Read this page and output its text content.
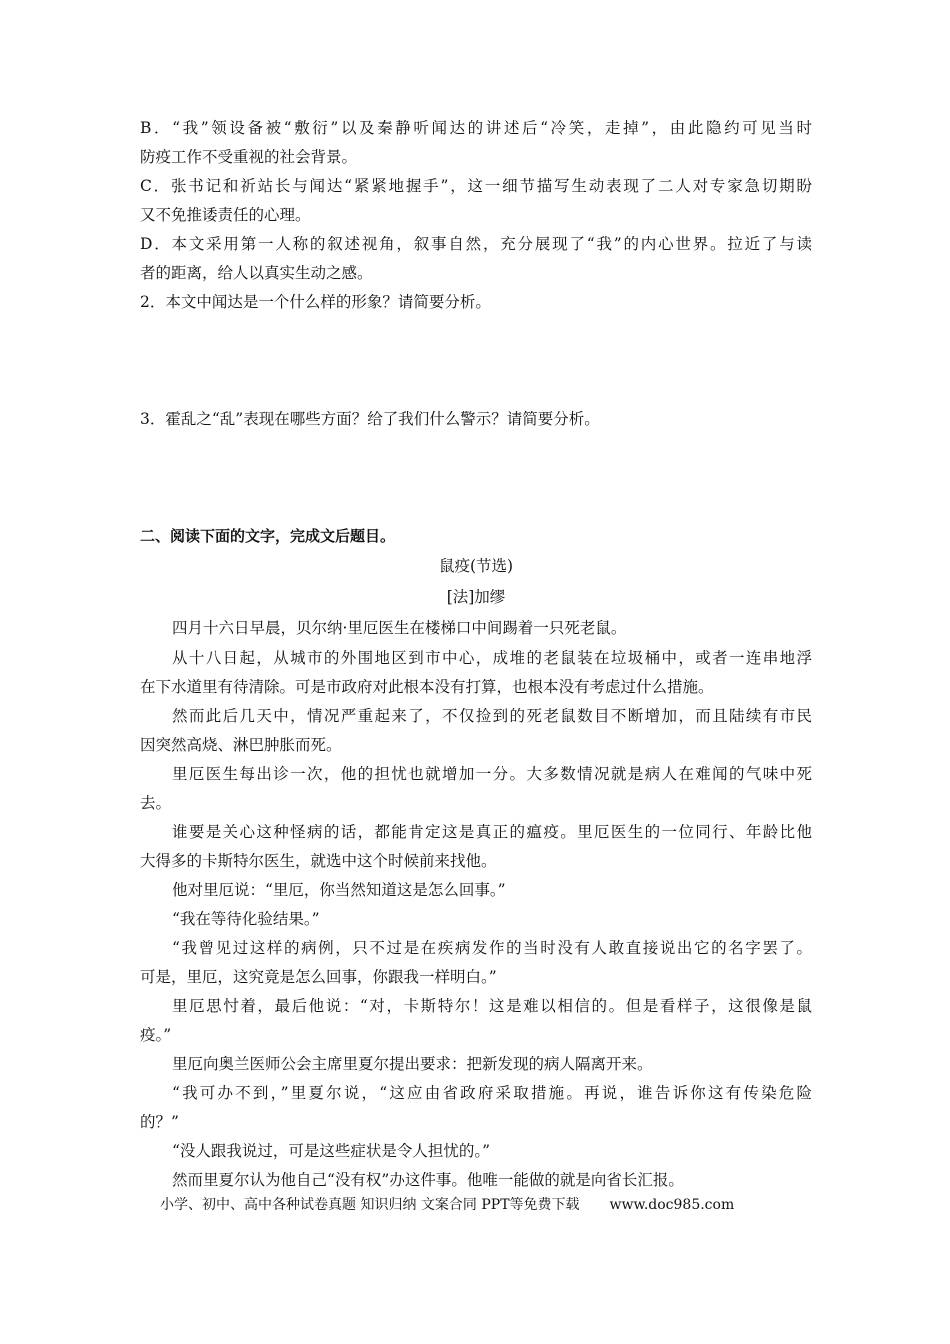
B．“我”领设备被“敷衍”以及秦静听闻达的讲述后“冷笑，走掉”，由此隐约可见当时
防疫工作不受重视的社会背景。
C．张书记和祈站长与闻达“紧紧地握手”，这一细节描写生动表现了二人对专家急切期盼
又不免推诿责任的心理。
D．本文采用第一人称的叙述视角，叙事自然，充分展现了“我”的内心世界。拉近了与读
者的距离，给人以真实生动之感。
2．本文中闻达是一个什么样的形象？请简要分析。
3．霍乱之“乱”表现在哪些方面？给了我们什么警示？请简要分析。
二、阅读下面的文字，完成文后题目。
鼠疫(节选)
[法]加缪
四月十六日早晨，贝尔纳·里厄医生在楼梯口中间踢着一只死老鼠。
从十八日起，从城市的外围地区到市中心，成堆的老鼠装在垃圾桶中，或者一连串地浮
在下水道里有待清除。可是市政府对此根本没有打算，也根本没有考虑过什么措施。
然而此后几天中，情况严重起来了，不仅捡到的死老鼠数目不断增加，而且陆续有市民
因突然高烧、淋巴肿胀而死。
里厄医生每出诊一次，他的担忧也就增加一分。大多数情况就是病人在难闻的气味中死
去。
谁要是关心这种怪病的话，都能肯定这是真正的瘟疫。里厄医生的一位同行、年龄比他
大得多的卡斯特尔医生，就选中这个时候前来找他。
他对里厄说：“里厄，你当然知道这是怎么回事。”
“我在等待化验结果。”
“我曾见过这样的病例，只不过是在疾病发作的当时没有人敢直接说出它的名字罢了。
可是，里厄，这究竟是怎么回事，你跟我一样明白。”
里厄思忖着，最后他说：“对，卡斯特尔！这是难以相信的。但是看样子，这很像是鼠
疫。”
里厄向奥兰医师公会主席里夏尔提出要求：把新发现的病人隔离开来。
“我可办不到，”里夏尔说，“这应由省政府采取措施。再说，谁告诉你这有传染危险
的？”
“没人跟我说过，可是这些症状是令人担忧的。”
然而里夏尔认为他自己“没有权”办这件事。他唯一能做的就是向省长汇报。
小学、初中、高中各种试卷真题 知识归纳 文案合同 PPT等免费下载 www.doc985.com
